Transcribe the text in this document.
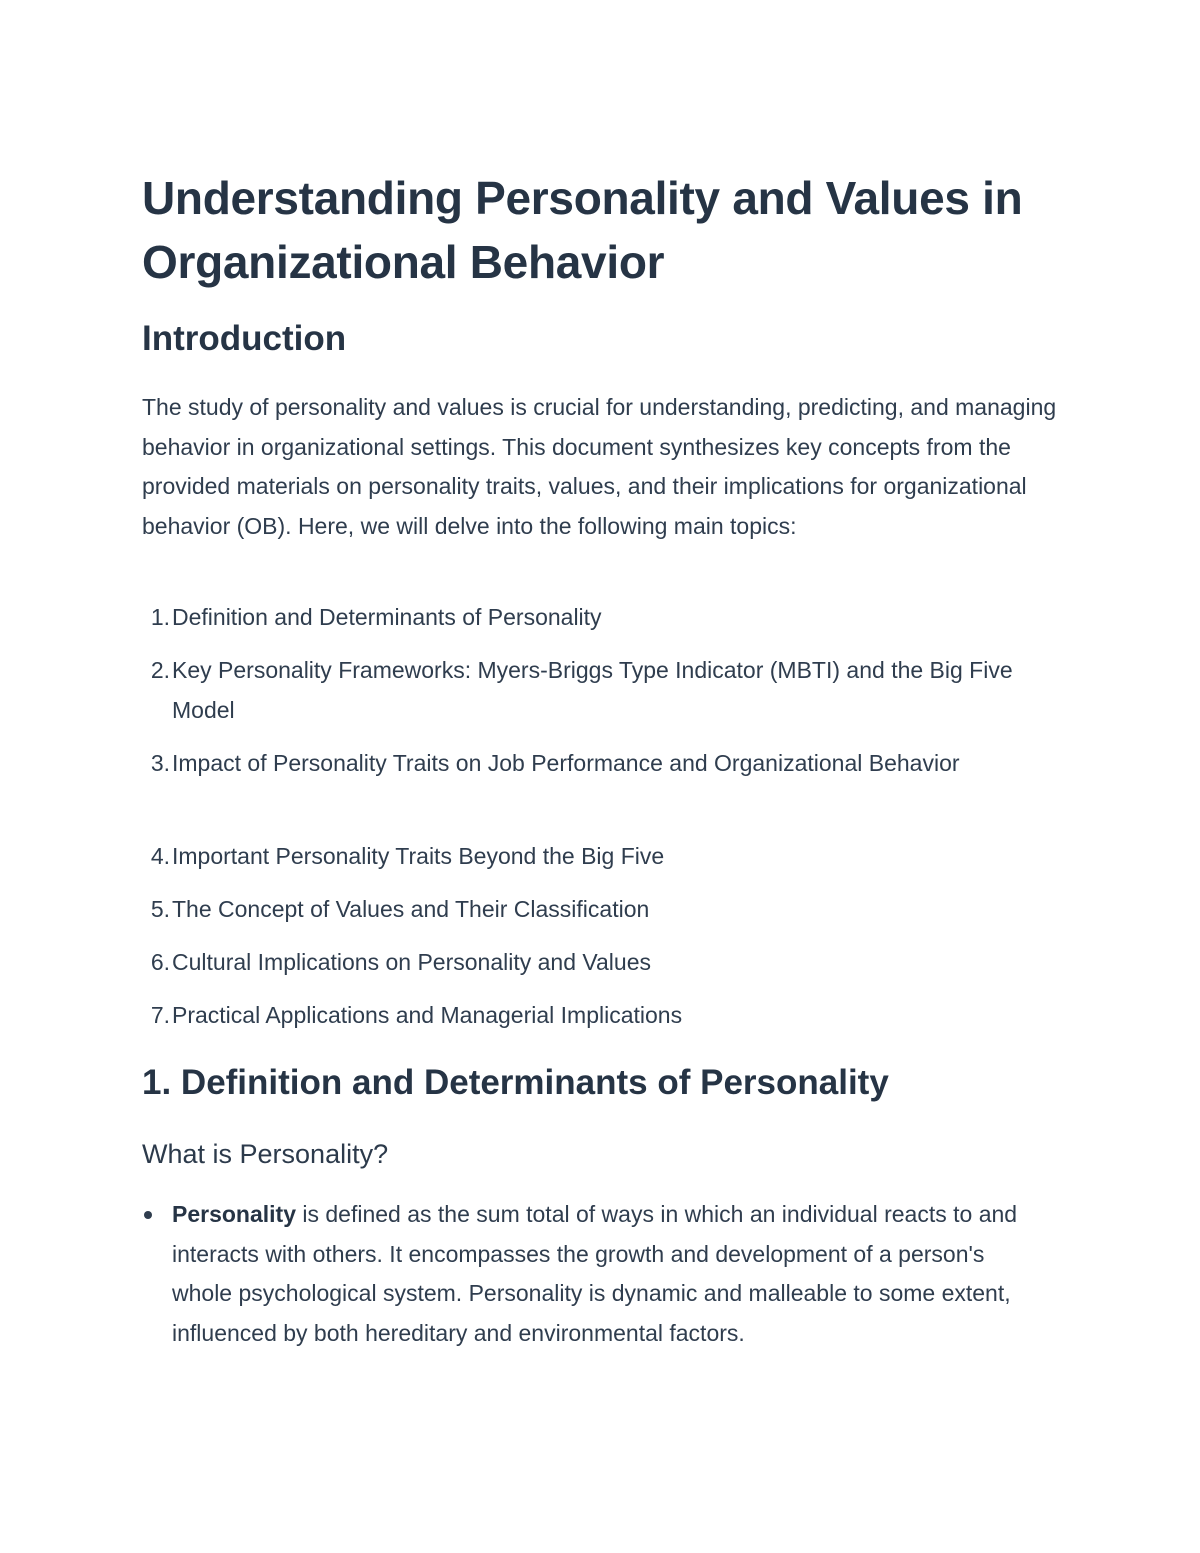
Understanding Personality and Values in Organizational Behavior
Introduction

The study of personality and values is crucial for understanding, predicting, and managing behavior in organizational settings. This document synthesizes key concepts from the provided materials on personality traits, values, and their implications for organizational behavior (OB). Here, we will delve into the following main topics:

1. Definition and Determinants of Personality
2. Key Personality Frameworks: Myers-Briggs Type Indicator (MBTI) and the Big Five Model
3. Impact of Personality Traits on Job Performance and Organizational Behavior
4. Important Personality Traits Beyond the Big Five
5. The Concept of Values and Their Classification
6. Cultural Implications on Personality and Values
7. Practical Applications and Managerial Implications
1. Definition and Determinants of Personality
What is Personality?
Personality is defined as the sum total of ways in which an individual reacts to and interacts with others. It encompasses the growth and development of a person's whole psychological system. Personality is dynamic and malleable to some extent, influenced by both hereditary and environmental factors.
